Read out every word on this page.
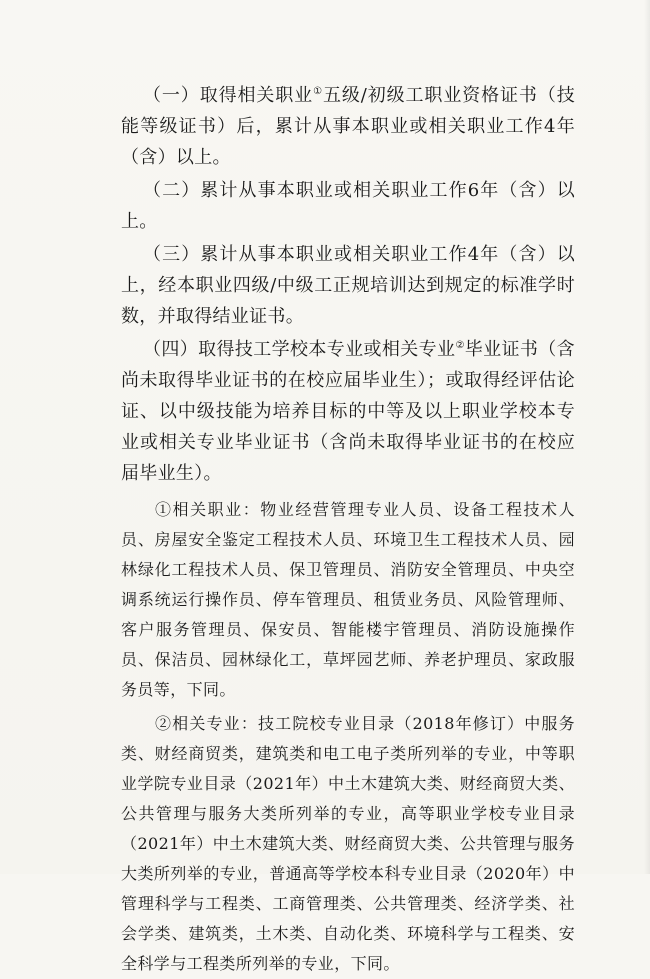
（一）取得相关职业①五级/初级工职业资格证书（技能等级证书）后，累计从事本职业或相关职业工作4年（含）以上。

（二）累计从事本职业或相关职业工作6年（含）以上。

（三）累计从事本职业或相关职业工作4年（含）以上，经本职业四级/中级工正规培训达到规定的标准学时数，并取得结业证书。

（四）取得技工学校本专业或相关专业②毕业证书（含尚未取得毕业证书的在校应届毕业生）；或取得经评估论证、以中级技能为培养目标的中等及以上职业学校本专业或相关专业毕业证书（含尚未取得毕业证书的在校应届毕业生）。

①相关职业：物业经营管理专业人员、设备工程技术人员、房屋安全鉴定工程技术人员、环境卫生工程技术人员、园林绿化工程技术人员、保卫管理员、消防安全管理员、中央空调系统运行操作员、停车管理员、租赁业务员、风险管理师、客户服务管理员、保安员、智能楼宇管理员、消防设施操作员、保洁员、园林绿化工，草坪园艺师、养老护理员、家政服务员等，下同。

②相关专业：技工院校专业目录（2018年修订）中服务类、财经商贸类，建筑类和电工电子类所列举的专业，中等职业学院专业目录（2021年）中土木建筑大类、财经商贸大类、公共管理与服务大类所列举的专业，高等职业学校专业目录（2021年）中土木建筑大类、财经商贸大类、公共管理与服务大类所列举的专业，普通高等学校本科专业目录（2020年）中管理科学与工程类、工商管理类、公共管理类、经济学类、社会学类、建筑类，土木类、自动化类、环境科学与工程类、安全科学与工程类所列举的专业，下同。
